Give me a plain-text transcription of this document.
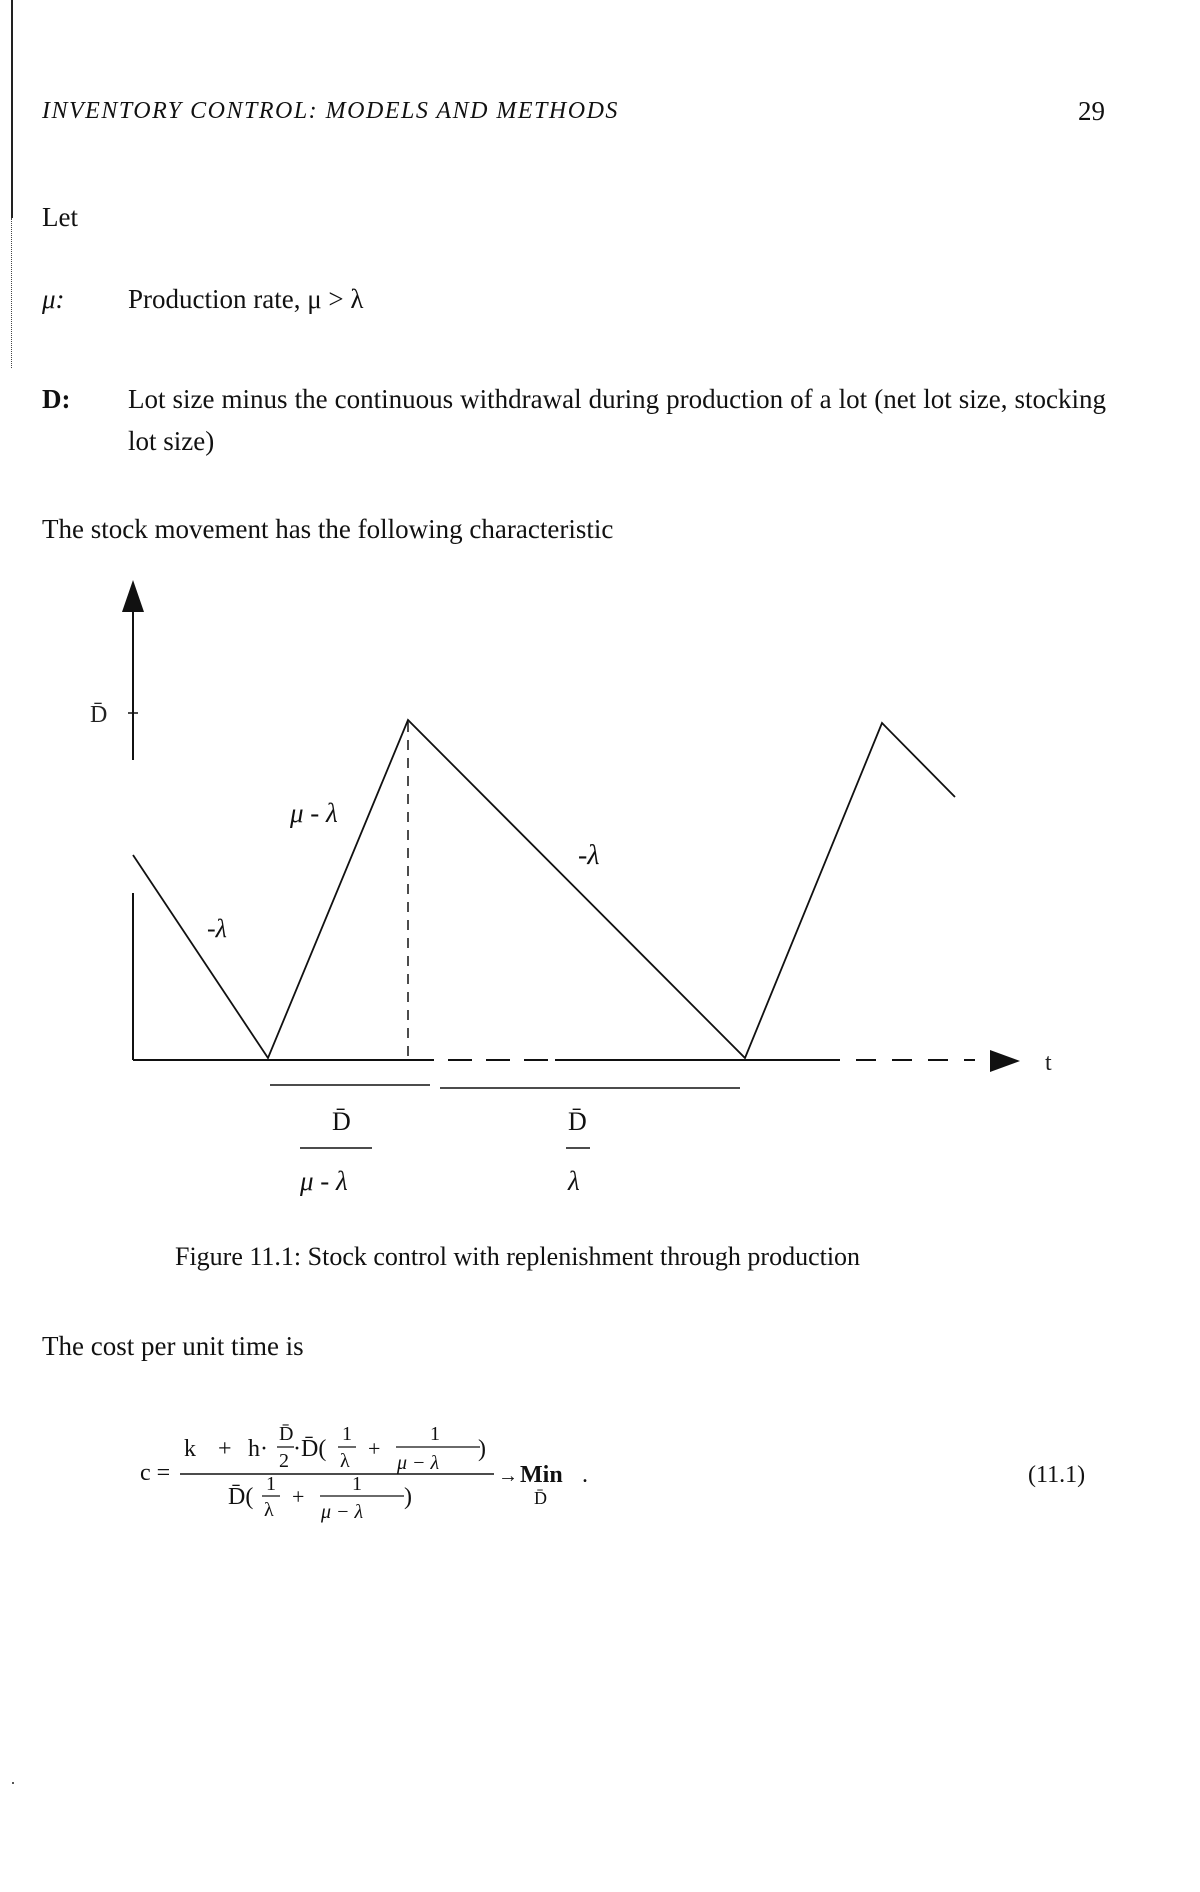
INVENTORY CONTROL: MODELS AND METHODS	29
Let
μ: Production rate, μ > λ
D: Lot size minus the continuous withdrawal during production of a lot (net lot size, stocking lot size)
The stock movement has the following characteristic
D̄
t
μ - λ
-λ
-λ
D̄
μ - λ
D̄
λ
Figure 11.1: Stock control with replenishment through production
The cost per unit time is
c =
k + h·
D̄
2 ·D̄(
1
λ +
1
μ − λ
)
D̄( 1
λ
+ 1
μ − λ
)
→ Min
D̄
.	(11.1)
